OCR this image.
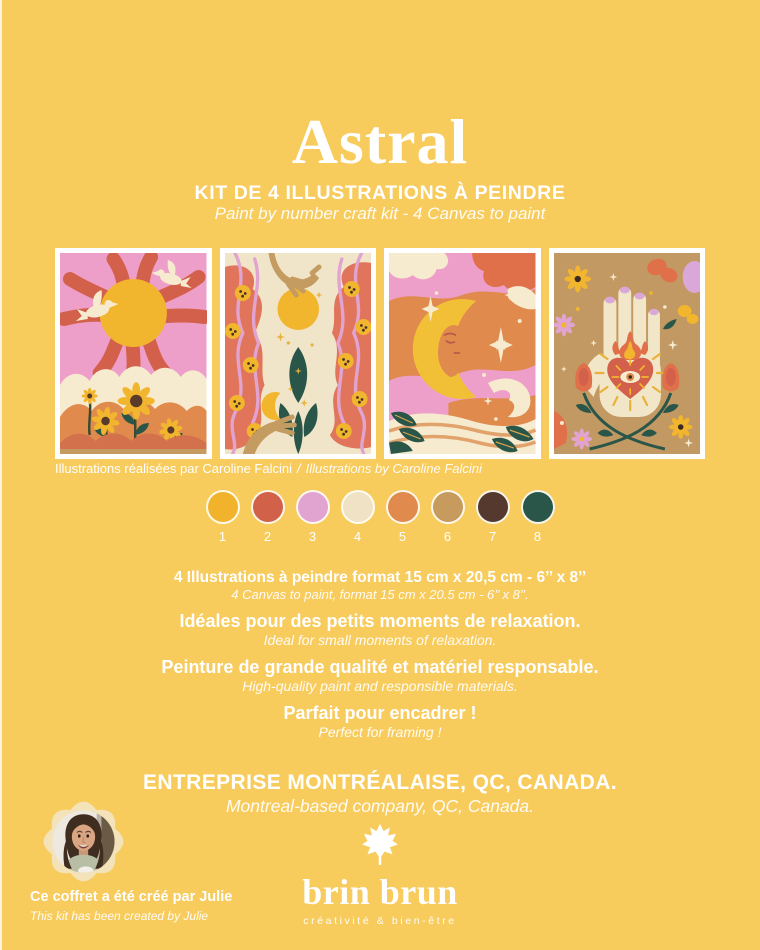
Astral
KIT DE 4 ILLUSTRATIONS À PEINDRE
Paint by number craft kit - 4 Canvas to paint

Illustrations réalisées par Caroline Falcini / Illustrations by Caroline Falcini

1	2	3	4	5	6	7	8

4 Illustrations à peindre format 15 cm x 20,5 cm - 6’’ x 8’’

4 Canvas to paint, format 15 cm x 20.5 cm - 6’’ x 8’’.

Idéales pour des petits moments de relaxation.

Ideal for small moments of relaxation.

Peinture de grande qualité et matériel responsable.

High-quality paint and responsible materials.

Parfait pour encadrer !

Perfect for framing !

ENTREPRISE MONTRÉALAISE, QC, CANADA.
Montreal-based company, QC, Canada.

Ce coffret a été créé par Julie

This kit has been created by Julie

brin brun
créativité & bien-être
